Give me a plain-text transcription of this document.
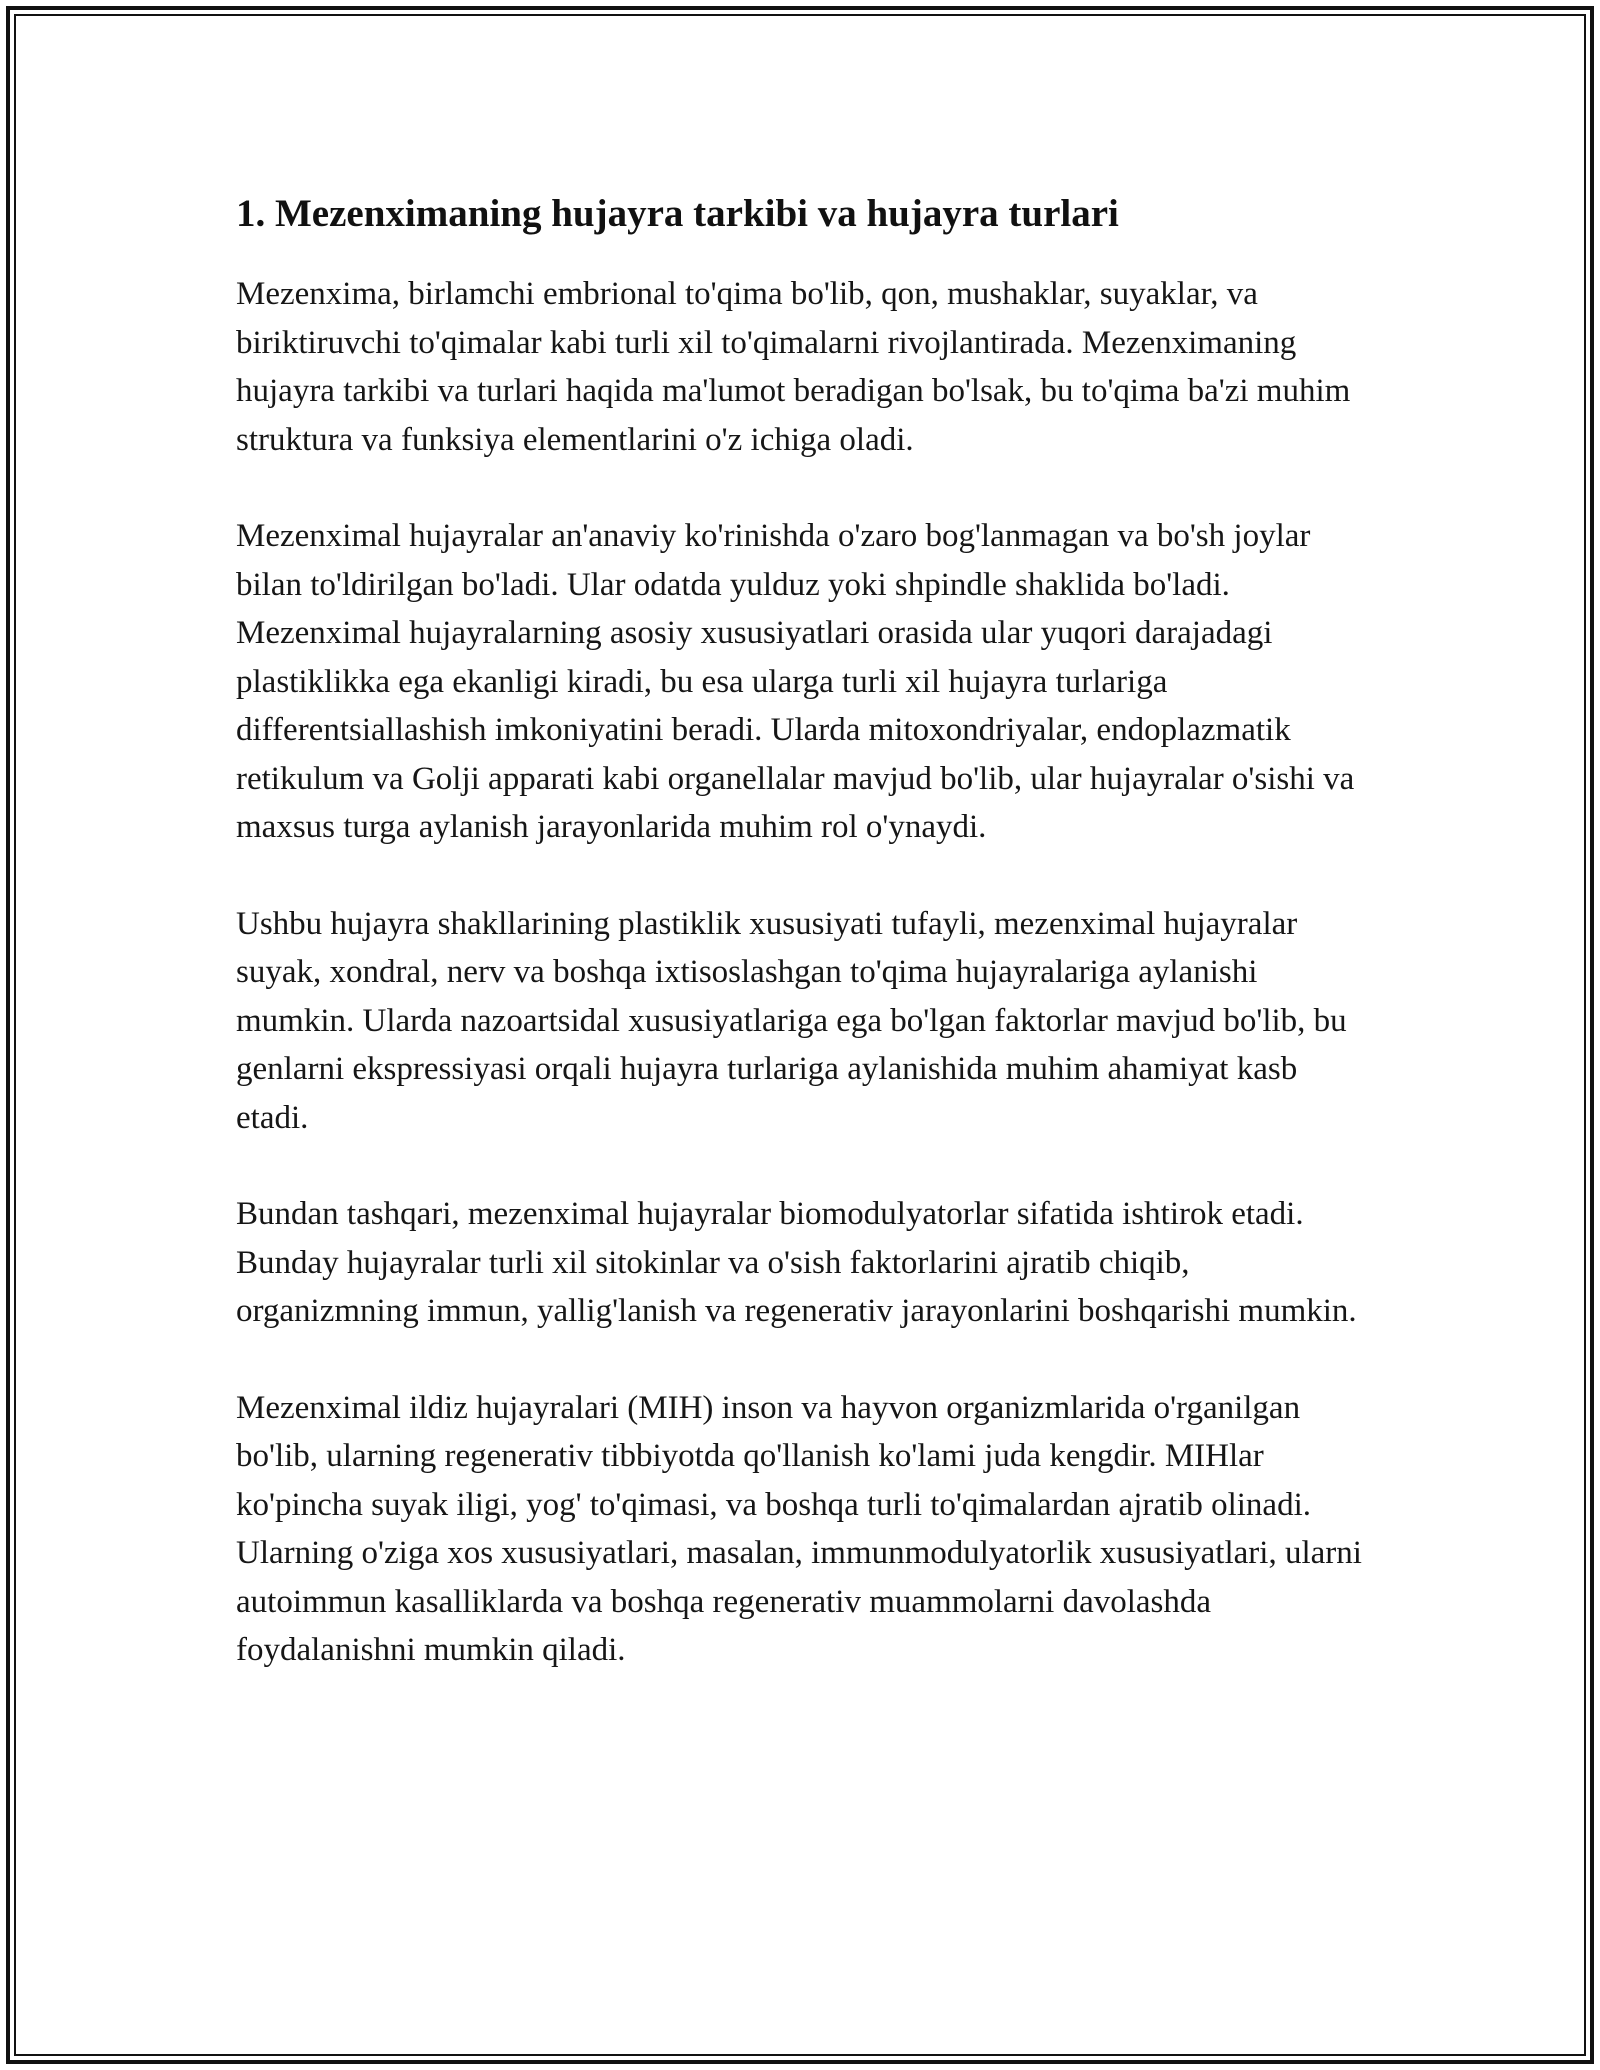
1. Mezenximaning hujayra tarkibi va hujayra turlari

Mezenxima, birlamchi embrional to'qima bo'lib, qon, mushaklar, suyaklar, va biriktiruvchi to'qimalar kabi turli xil to'qimalarni rivojlantirada. Mezenximaning hujayra tarkibi va turlari haqida ma'lumot beradigan bo'lsak, bu to'qima ba'zi muhim struktura va funksiya elementlarini o'z ichiga oladi.

Mezenximal hujayralar an'anaviy ko'rinishda o'zaro bog'lanmagan va bo'sh joylar bilan to'ldirilgan bo'ladi. Ular odatda yulduz yoki shpindle shaklida bo'ladi. Mezenximal hujayralarning asosiy xususiyatlari orasida ular yuqori darajadagi plastiklikka ega ekanligi kiradi, bu esa ularga turli xil hujayra turlariga differentsiallashish imkoniyatini beradi. Ularda mitoxondriyalar, endoplazmatik retikulum va Golji apparati kabi organellalar mavjud bo'lib, ular hujayralar o'sishi va maxsus turga aylanish jarayonlarida muhim rol o'ynaydi.

Ushbu hujayra shakllarining plastiklik xususiyati tufayli, mezenximal hujayralar suyak, xondral, nerv va boshqa ixtisoslashgan to'qima hujayralariga aylanishi mumkin. Ularda nazoartsidal xususiyatlariga ega bo'lgan faktorlar mavjud bo'lib, bu genlarni ekspressiyasi orqali hujayra turlariga aylanishida muhim ahamiyat kasb etadi.

Bundan tashqari, mezenximal hujayralar biomodulyatorlar sifatida ishtirok etadi. Bunday hujayralar turli xil sitokinlar va o'sish faktorlarini ajratib chiqib, organizmning immun, yallig'lanish va regenerativ jarayonlarini boshqarishi mumkin.

Mezenximal ildiz hujayralari (MIH) inson va hayvon organizmlarida o'rganilgan bo'lib, ularning regenerativ tibbiyotda qo'llanish ko'lami juda kengdir. MIHlar ko'pincha suyak iligi, yog' to'qimasi, va boshqa turli to'qimalardan ajratib olinadi. Ularning o'ziga xos xususiyatlari, masalan, immunmodulyatorlik xususiyatlari, ularni autoimmun kasalliklarda va boshqa regenerativ muammolarni davolashda foydalanishni mumkin qiladi.
